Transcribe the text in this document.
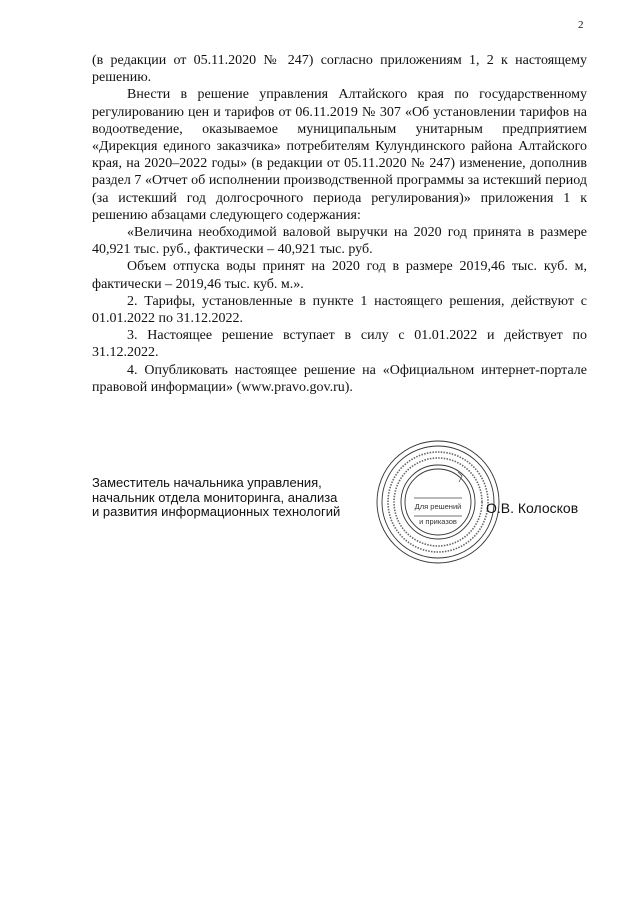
2

(в редакции от 05.11.2020 № 247) согласно приложениям 1, 2 к настоящему решению.

Внести в решение управления Алтайского края по государственному регулированию цен и тарифов от 06.11.2019 № 307 «Об установлении тарифов на водоотведение, оказываемое муниципальным унитарным предприятием «Дирекция единого заказчика» потребителям Кулундинского района Алтайского края, на 2020–2022 годы» (в редакции от 05.11.2020 № 247) изменение, дополнив раздел 7 «Отчет об исполнении производственной программы за истекший период (за истекший год долгосрочного периода регулирования)» приложения 1 к решению абзацами следующего содержания:

«Величина необходимой валовой выручки на 2020 год принята в размере 40,921 тыс. руб., фактически – 40,921 тыс. руб.

Объем отпуска воды принят на 2020 год в размере 2019,46 тыс. куб. м, фактически – 2019,46 тыс. куб. м.».

2. Тарифы, установленные в пункте 1 настоящего решения, действуют с 01.01.2022 по 31.12.2022.

3. Настоящее решение вступает в силу с 01.01.2022 и действует по 31.12.2022.

4. Опубликовать настоящее решение на «Официальном интернет-портале правовой информации» (www.pravo.gov.ru).

Заместитель начальника управления,
начальник отдела мониторинга, анализа
и развития информационных технологий	Для решений
и приказов
О.В. Колосков
